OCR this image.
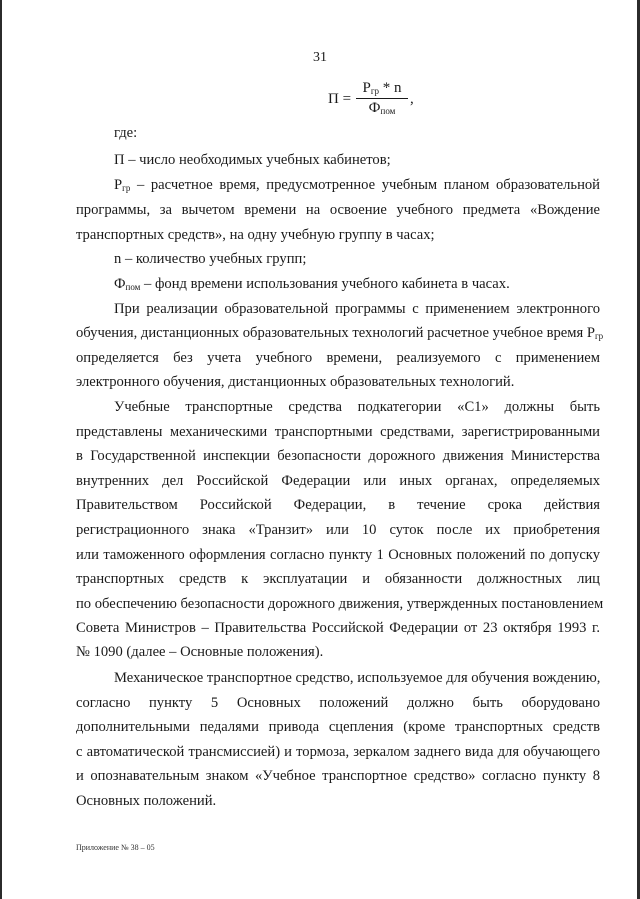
31
П =
$P_{гр}$ * n
$Ф_{пом}$
,
где:
П – число необходимых учебных кабинетов;
$P_{гр}$ – расчетное время, предусмотренное учебным планом образовательной
программы, за вычетом времени на освоение учебного предмета «Вождение
транспортных средств», на одну учебную группу в часах;
n – количество учебных групп;
$Ф_{пом}$ – фонд времени использования учебного кабинета в часах.
При реализации образовательной программы с применением электронного
обучения, дистанционных образовательных технологий расчетное учебное время $P_{гр}$
определяется без учета учебного времени, реализуемого с применением
электронного обучения, дистанционных образовательных технологий.
Учебные транспортные средства подкатегории «C1» должны быть
представлены механическими транспортными средствами, зарегистрированными
в Государственной инспекции безопасности дорожного движения Министерства
внутренних дел Российской Федерации или иных органах, определяемых
Правительством Российской Федерации, в течение срока действия
регистрационного знака «Транзит» или 10 суток после их приобретения
или таможенного оформления согласно пункту 1 Основных положений по допуску
транспортных средств к эксплуатации и обязанности должностных лиц
по обеспечению безопасности дорожного движения, утвержденных постановлением
Совета Министров – Правительства Российской Федерации от 23 октября 1993 г.
№ 1090 (далее – Основные положения).
Механическое транспортное средство, используемое для обучения вождению,
согласно пункту 5 Основных положений должно быть оборудовано
дополнительными педалями привода сцепления (кроме транспортных средств
с автоматической трансмиссией) и тормоза, зеркалом заднего вида для обучающего
и опознавательным знаком «Учебное транспортное средство» согласно пункту 8
Основных положений.
Приложение № 38 – 05
